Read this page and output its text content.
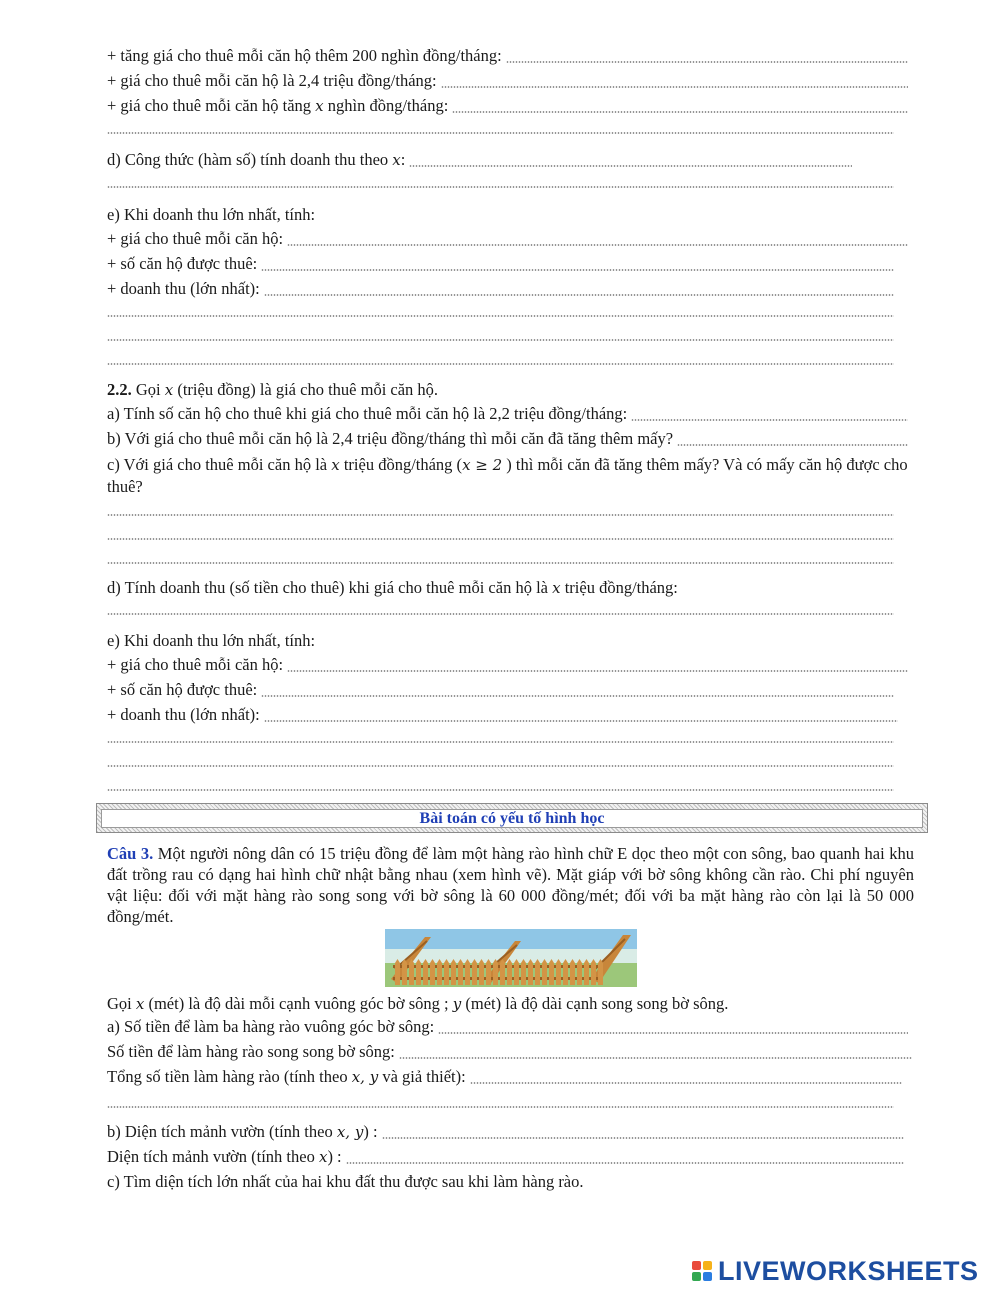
+ tăng giá cho thuê mỗi căn hộ thêm 200 nghìn đồng/tháng:
+ giá cho thuê mỗi căn hộ là 2,4 triệu đồng/tháng:
+ giá cho thuê mỗi căn hộ tăng x nghìn đồng/tháng:
d) Công thức (hàm số) tính doanh thu theo x:
e) Khi doanh thu lớn nhất, tính:
+ giá cho thuê mỗi căn hộ:
+ số căn hộ được thuê:
+ doanh thu (lớn nhất):
2.2. Gọi x (triệu đồng) là giá cho thuê mỗi căn hộ.
a) Tính số căn hộ cho thuê khi giá cho thuê mỗi căn hộ là 2,2 triệu đồng/tháng:
b) Với giá cho thuê mỗi căn hộ là 2,4 triệu đồng/tháng thì mỗi căn đã tăng thêm mấy?
c) Với giá cho thuê mỗi căn hộ là x triệu đồng/tháng (x ≥ 2 ) thì mỗi căn đã tăng thêm mấy? Và có mấy căn hộ được cho thuê?
d) Tính doanh thu (số tiền cho thuê) khi giá cho thuê mỗi căn hộ là x triệu đồng/tháng:
e) Khi doanh thu lớn nhất, tính:
+ giá cho thuê mỗi căn hộ:
+ số căn hộ được thuê:
+ doanh thu (lớn nhất):
Bài toán có yếu tố hình học
Câu 3. Một người nông dân có 15 triệu đồng để làm một hàng rào hình chữ E dọc theo một con sông, bao quanh hai khu đất trồng rau có dạng hai hình chữ nhật bằng nhau (xem hình vẽ). Mặt giáp với bờ sông không cần rào. Chi phí nguyên vật liệu: đối với mặt hàng rào song song với bờ sông là 60 000 đồng/mét; đối với ba mặt hàng rào còn lại là 50 000 đồng/mét.
Gọi x (mét) là độ dài mỗi cạnh vuông góc bờ sông ; y (mét) là độ dài cạnh song song bờ sông.
a) Số tiền để làm ba hàng rào vuông góc bờ sông:
Số tiền để làm hàng rào song song bờ sông:
Tổng số tiền làm hàng rào (tính theo x, y và giả thiết):
b) Diện tích mảnh vườn (tính theo x, y) :
Diện tích mảnh vườn (tính theo x) :
c) Tìm diện tích lớn nhất của hai khu đất thu được sau khi làm hàng rào.
LIVEWORKSHEETS
